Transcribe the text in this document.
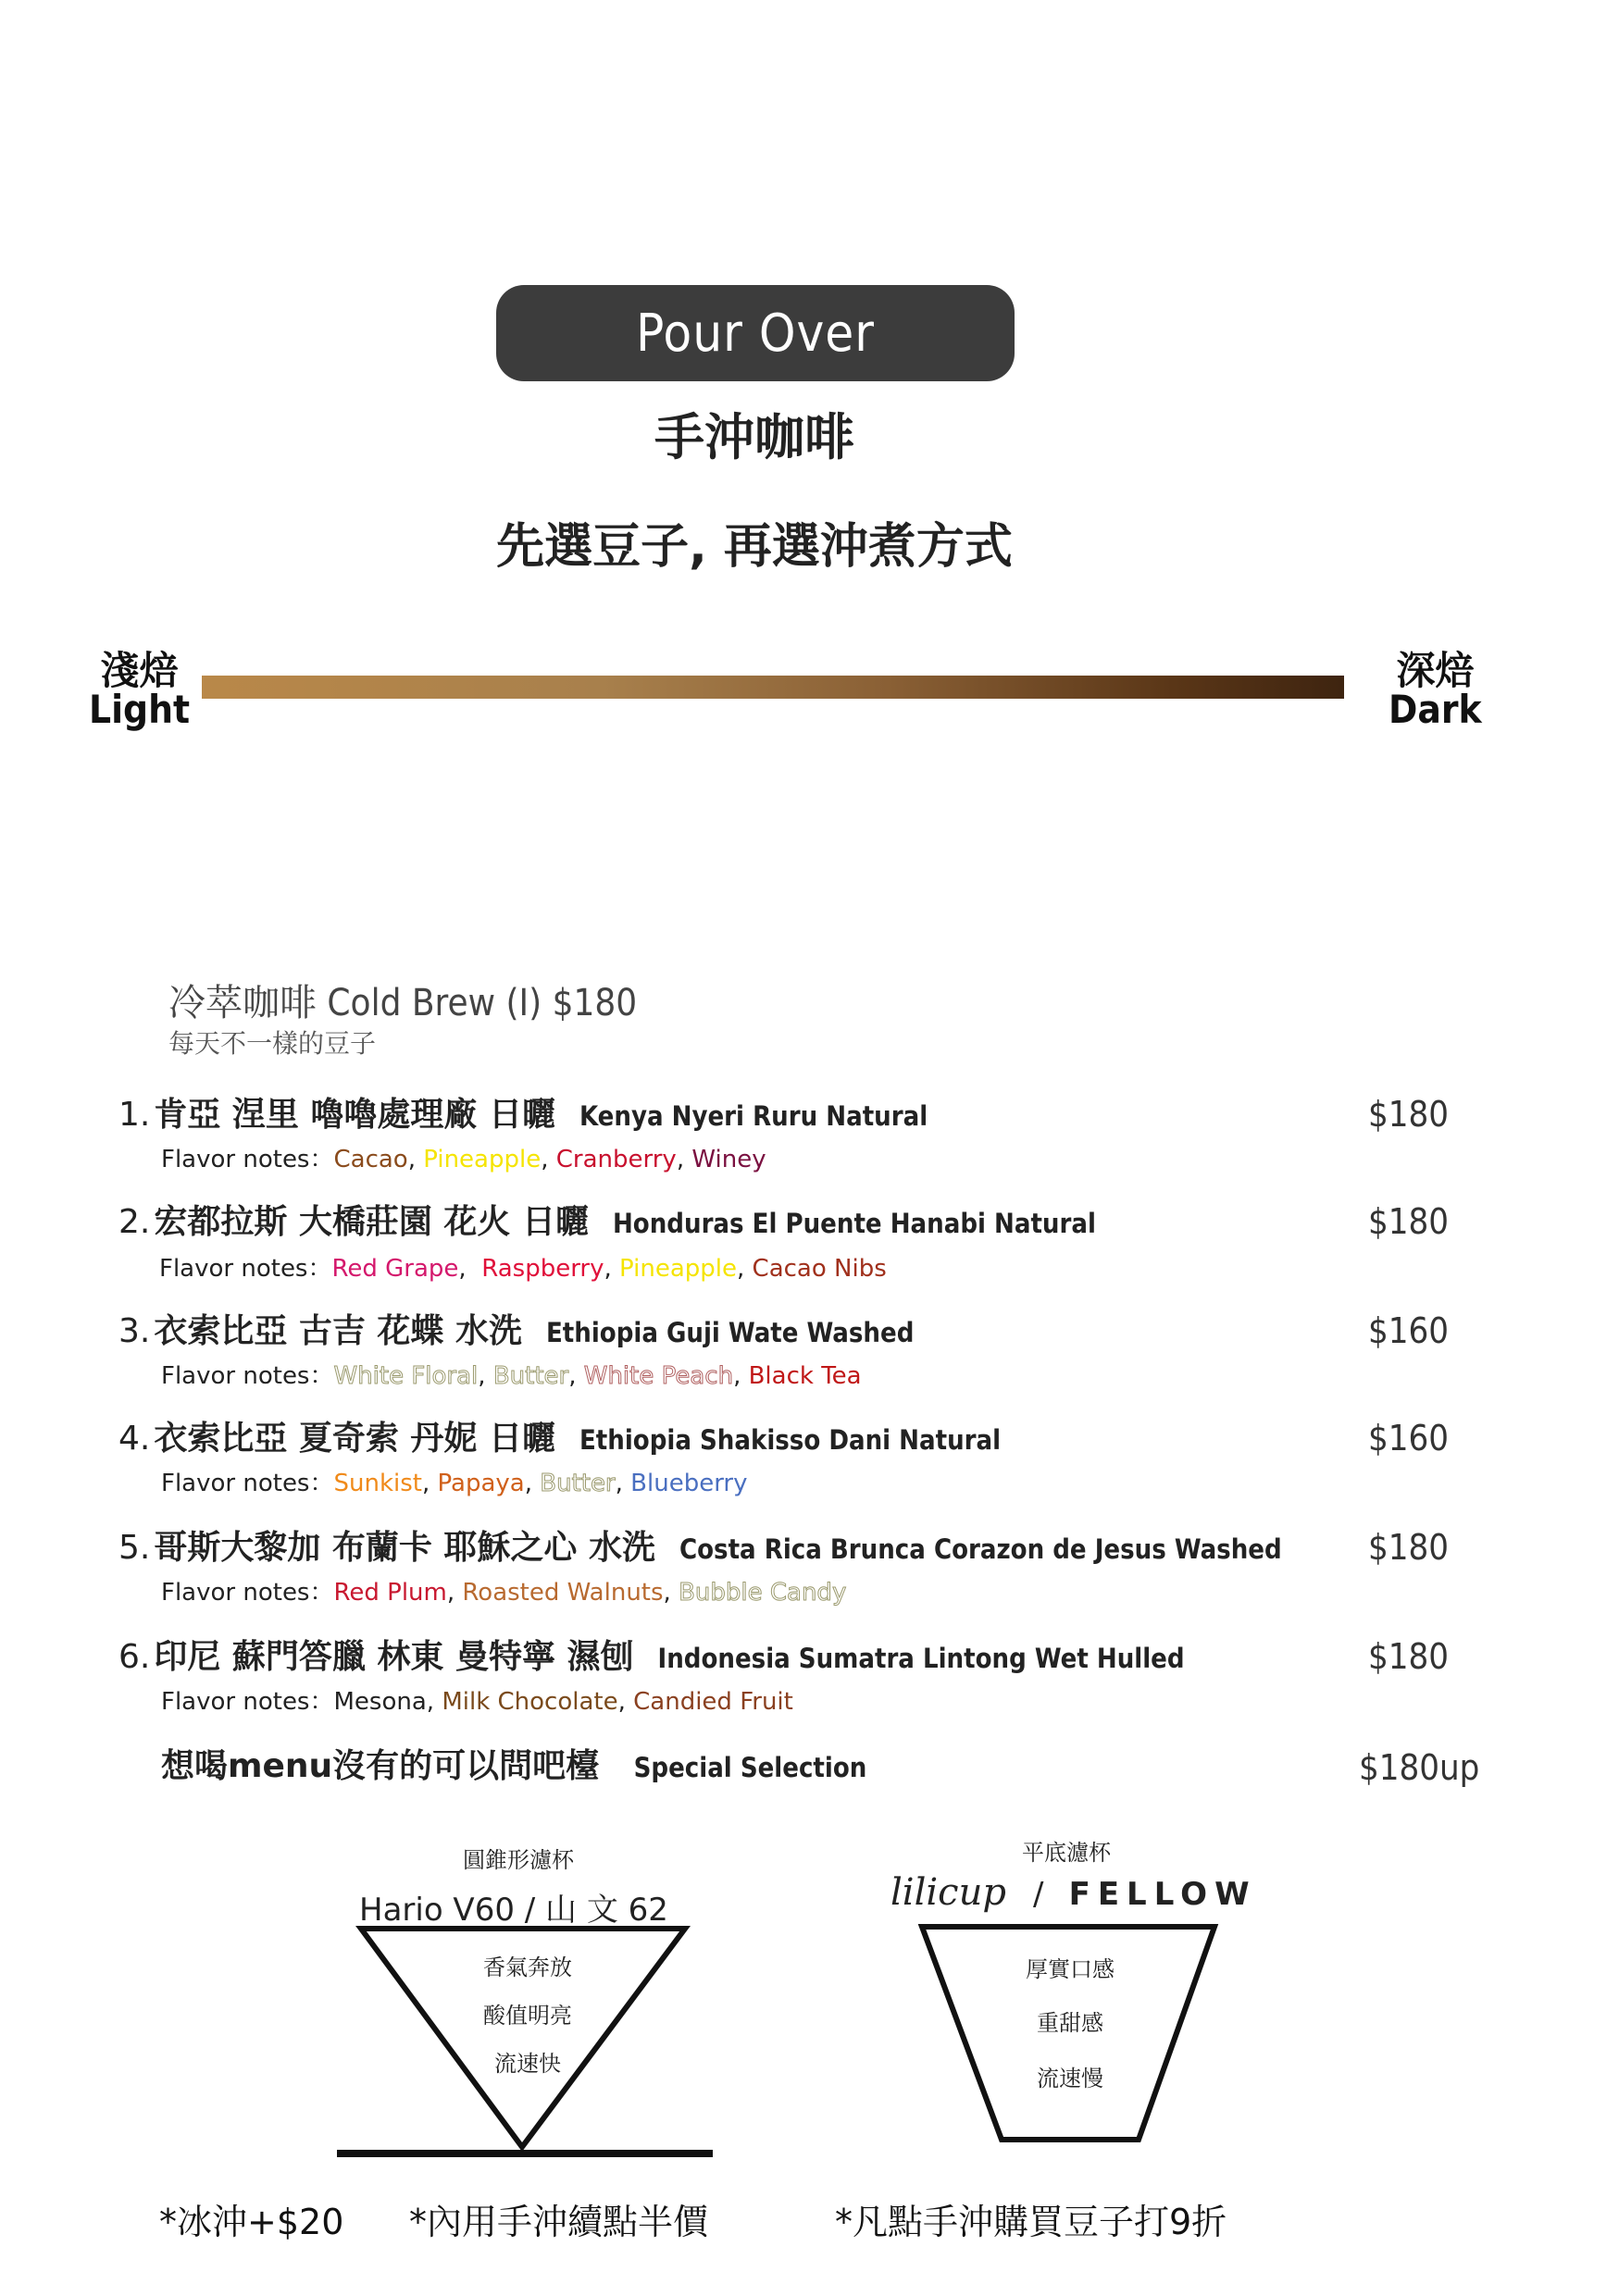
Pour Over
手沖咖啡
先選豆子, 再選沖煮方式
淺焙
Light
深焙
Dark
冷萃咖啡 Cold Brew (I) $180
每天不一樣的豆子
1. 肯亞 涅里 嚕嚕處理廠 日曬 Kenya Nyeri Ruru Natural	$180
Flavor notes：Cacao, Pineapple, Cranberry, Winey
2. 宏都拉斯 大橋莊園 花火 日曬 Honduras El Puente Hanabi Natural	$180
Flavor notes：Red Grape,  Raspberry, Pineapple, Cacao Nibs
3. 衣索比亞 古吉 花蝶 水洗 Ethiopia Guji Wate Washed	$160
Flavor notes：White Floral, Butter, White Peach, Black Tea
4. 衣索比亞 夏奇索 丹妮 日曬 Ethiopia Shakisso Dani Natural	$160
Flavor notes：Sunkist, Papaya, Butter, Blueberry
5. 哥斯大黎加 布蘭卡 耶穌之心 水洗 Costa Rica Brunca Corazon de Jesus Washed $180
Flavor notes：Red Plum, Roasted Walnuts, Bubble Candy
6. 印尼 蘇門答臘 林東 曼特寧 濕刨 Indonesia Sumatra Lintong Wet Hulled	$180
Flavor notes：Mesona, Milk Chocolate, Candied Fruit
想喝menu沒有的可以問吧檯 Special Selection	$180up
圓錐形濾杯
Hario V60 / 山 文 62
香氣奔放
酸值明亮
流速快
平底濾杯
lilicup / FELLOW
厚實口感
重甜感
流速慢
*冰沖+$20 *內用手沖續點半價	*凡點手沖購買豆子打9折
